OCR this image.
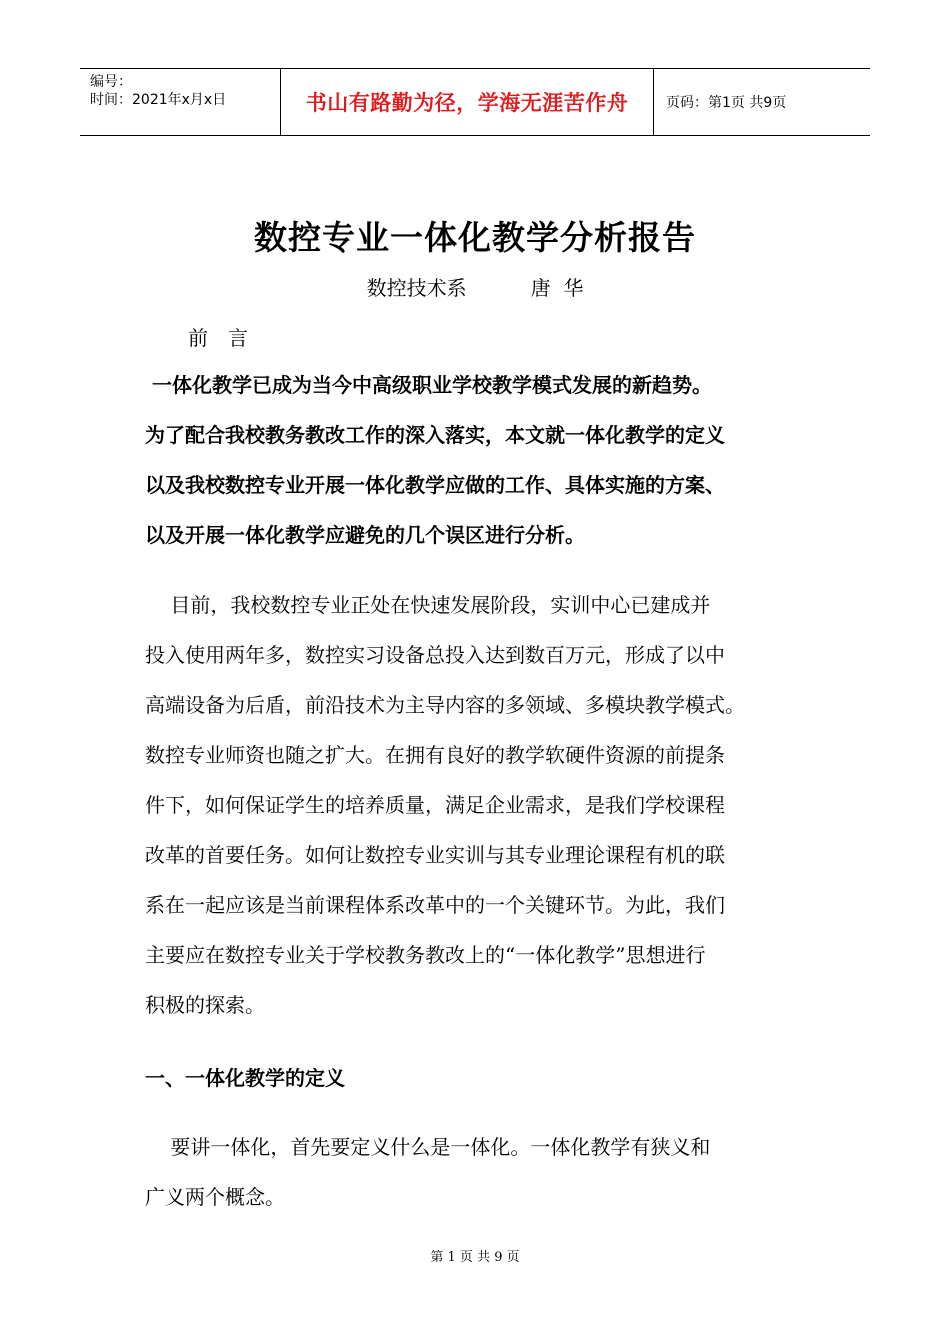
编号：
时间：2021年x月x日	书山有路勤为径，学海无涯苦作舟	页码：第1页 共9页
数控专业一体化教学分析报告
数控技术系	唐  华
前言
一体化教学已成为当今中高级职业学校教学模式发展的新趋势。
为了配合我校教务教改工作的深入落实，本文就一体化教学的定义
以及我校数控专业开展一体化教学应做的工作、具体实施的方案、
以及开展一体化教学应避免的几个误区进行分析。
目前，我校数控专业正处在快速发展阶段，实训中心已建成并
投入使用两年多，数控实习设备总投入达到数百万元，形成了以中
高端设备为后盾，前沿技术为主导内容的多领域、多模块教学模式。
数控专业师资也随之扩大。在拥有良好的教学软硬件资源的前提条
件下，如何保证学生的培养质量，满足企业需求，是我们学校课程
改革的首要任务。如何让数控专业实训与其专业理论课程有机的联
系在一起应该是当前课程体系改革中的一个关键环节。为此，我们
主要应在数控专业关于学校教务教改上的“一体化教学”思想进行
积极的探索。
一、一体化教学的定义
要讲一体化，首先要定义什么是一体化。一体化教学有狭义和
广义两个概念。
第 1 页 共 9 页
